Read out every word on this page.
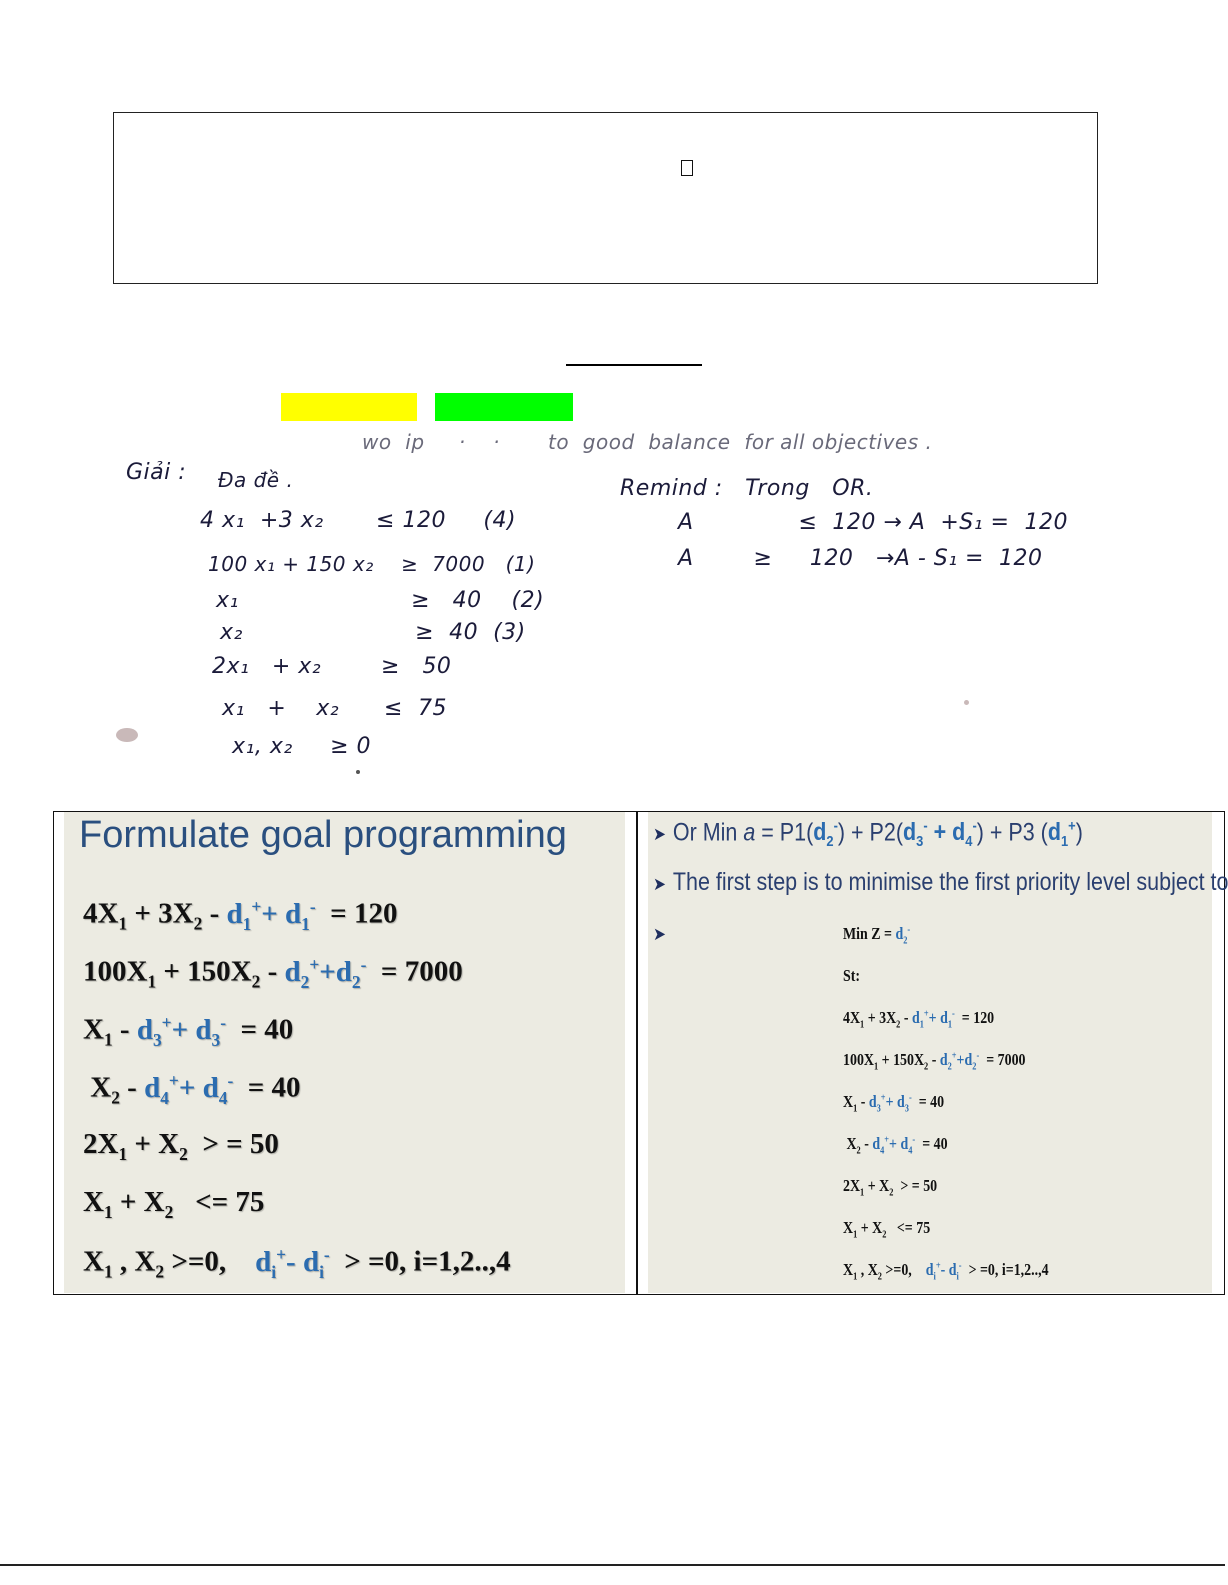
wo  ip     ·    ·       to  good  balance  for all objectives .
Giải : Đa đề .
4 x₁  +3 x₂       ≤ 120     (4)
100 x₁ + 150 x₂    ≥  7000   (1)
x₁                       ≥   40    (2)
x₂                       ≥  40  (3)
2x₁   + x₂        ≥   50
x₁   +    x₂      ≤  75
x₁, x₂     ≥ 0
Remind :   Trong   OR.
A              ≤  120 → A  +S₁ =  120
A        ≥     120   →A - S₁ =  120
Formulate goal programming
$4X_1 + 3X_2 - d_1^++ d_1^- = 120$
$100X_1 + 150X_2 - d_2^++d_2^- = 7000$
$X_1 - d_3^++ d_3^- = 40$
$X_2 - d_4^++ d_4^- = 40$
$2X_1 + X_2$  > = 50
$X_1 + X_2 <= 75$
$X_1$ , $X_2 >=0$,    $d_i^+-$ $d_i^- > =0$, i=1,2..,4
➤ Or Min $a = P1(d_2^-) + P2(d_3^- + d_4^-) + P3$ $(d_1^+)$
➤ The first step is to minimise the first priority level subject to
➤	Min $Z = d_2^-$
St:
$4X_1 + 3X_2 - d_1^++ d_1^- = 120$
$100X_1 + 150X_2 - d_2^++d_2^- = 7000$
$X_1 - d_3^++ d_3^- = 40$
$X_2 - d_4^++ d_4^- = 40$
$2X_1 + X_2$  > = 50
$X_1 + X_2 <= 75$
$X_1$ , $X_2 >=0$,    $d_i^+-$ $d_i^- > =0$, i=1,2..,4
